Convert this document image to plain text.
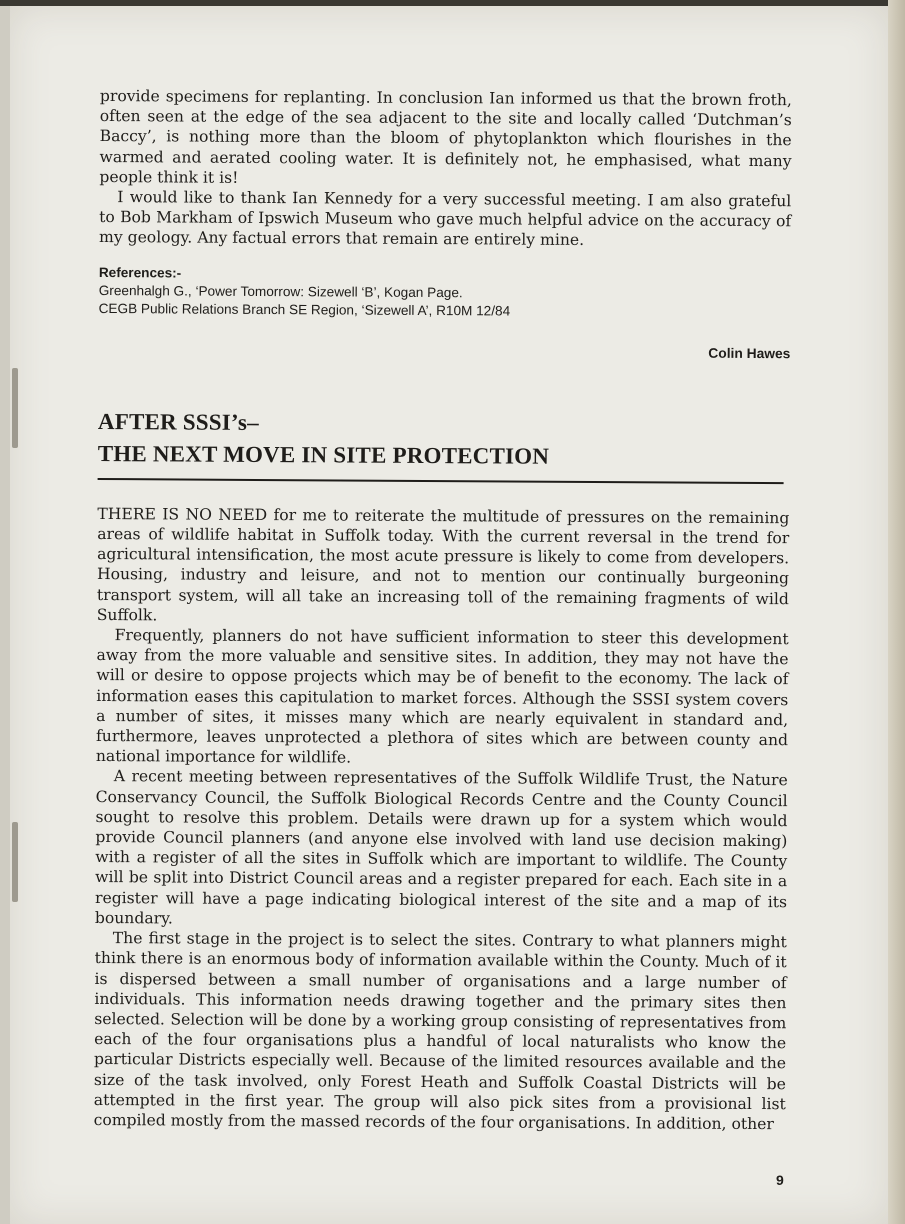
provide specimens for replanting. In conclusion Ian informed us that the brown froth, often seen at the edge of the sea adjacent to the site and locally called ‘Dutchman’s Baccy’, is nothing more than the bloom of phytoplankton which flourishes in the warmed and aerated cooling water. It is definitely not, he emphasised, what many people think it is!

I would like to thank Ian Kennedy for a very successful meeting. I am also grateful to Bob Markham of Ipswich Museum who gave much helpful advice on the accuracy of my geology. Any factual errors that remain are entirely mine.

References:-
Greenhalgh G., ‘Power Tomorrow: Sizewell ‘B’, Kogan Page.
CEGB Public Relations Branch SE Region, ‘Sizewell A’, R10M 12/84
Colin Hawes
AFTER SSSI’s–
THE NEXT MOVE IN SITE PROTECTION

THERE IS NO NEED for me to reiterate the multitude of pressures on the remaining areas of wildlife habitat in Suffolk today. With the current reversal in the trend for agricultural intensification, the most acute pressure is likely to come from developers. Housing, industry and leisure, and not to mention our continually burgeoning transport system, will all take an increasing toll of the remaining fragments of wild Suffolk.

Frequently, planners do not have sufficient information to steer this development away from the more valuable and sensitive sites. In addition, they may not have the will or desire to oppose projects which may be of benefit to the economy. The lack of information eases this capitulation to market forces. Although the SSSI system covers a number of sites, it misses many which are nearly equivalent in standard and, furthermore, leaves unprotected a plethora of sites which are between county and national importance for wildlife.

A recent meeting between representatives of the Suffolk Wildlife Trust, the Nature Conservancy Council, the Suffolk Biological Records Centre and the County Council sought to resolve this problem. Details were drawn up for a system which would provide Council planners (and anyone else involved with land use decision making) with a register of all the sites in Suffolk which are important to wildlife. The County will be split into District Council areas and a register prepared for each. Each site in a register will have a page indicating biological interest of the site and a map of its boundary.

The first stage in the project is to select the sites. Contrary to what planners might think there is an enormous body of information available within the County. Much of it is dispersed between a small number of organisations and a large number of individuals. This information needs drawing together and the primary sites then selected. Selection will be done by a working group consisting of representatives from each of the four organisations plus a handful of local naturalists who know the particular Districts especially well. Because of the limited resources available and the size of the task involved, only Forest Heath and Suffolk Coastal Districts will be attempted in the first year. The group will also pick sites from a provisional list compiled mostly from the massed records of the four organisations. In addition, other

9
